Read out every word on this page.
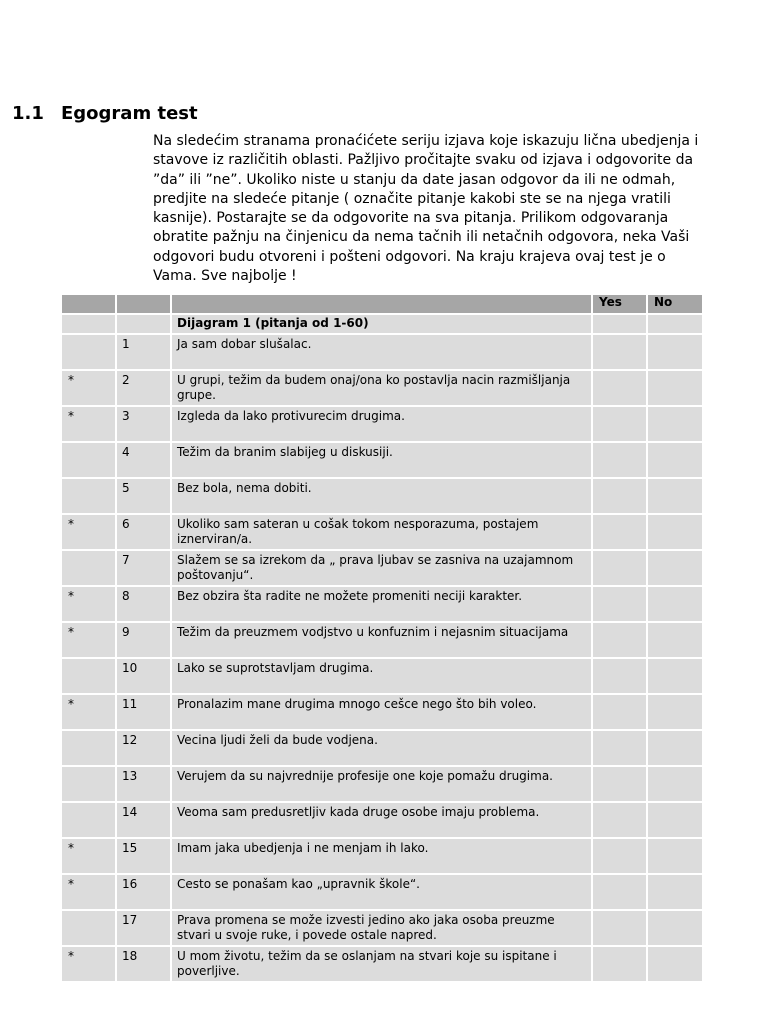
1.1 Egogram test

Na sledećim stranama pronaćićete seriju izjava koje iskazuju lična ubedjenja i stavove iz različitih oblasti. Pažljivo pročitajte svaku od izjava i odgovorite da ”da” ili ”ne”. Ukoliko niste u stanju da date jasan odgovor da ili ne odmah, predjite na sledeće pitanje ( označite pitanje kakobi ste se na njega vratili kasnije). Postarajte se da odgovorite na sva pitanja. Prilikom odgovaranja obratite pažnju na činjenicu da nema tačnih ili netačnih odgovora, neka Vaši odgovori budu otvoreni i pošteni odgovori. Na kraju krajeva ovaj test je o Vama. Sve najbolje !

			Yes	No
		Dijagram 1 (pitanja od 1-60)		
	1	Ja sam dobar slušalac.		
*	2	U grupi, težim da budem onaj/ona ko postavlja nacin razmišljanja grupe.		
*	3	Izgleda da lako protivurecim drugima.		
	4	Težim da branim slabijeg u diskusiji.		
	5	Bez bola, nema dobiti.		
*	6	Ukoliko sam sateran u cošak tokom nesporazuma, postajem iznerviran/a.		
	7	Slažem se sa izrekom da „ prava ljubav se zasniva na uzajamnom poštovanju“.		
*	8	Bez obzira šta radite ne možete promeniti neciji karakter.		
*	9	Težim da preuzmem vodjstvo u konfuznim i nejasnim situacijama		
	10	Lako se suprotstavljam drugima.		
*	11	Pronalazim mane drugima mnogo cešce nego što bih voleo.		
	12	Vecina ljudi želi da bude vodjena.		
	13	Verujem da su najvrednije profesije one koje pomažu drugima.		
	14	Veoma sam predusretljiv kada druge osobe imaju problema.		
*	15	Imam jaka ubedjenja i ne menjam ih lako.		
*	16	Cesto se ponašam kao „upravnik škole“.		
	17	Prava promena se može izvesti jedino ako jaka osoba preuzme stvari u svoje ruke, i povede ostale napred.		
*	18	U mom životu, težim da se oslanjam na stvari koje su ispitane i poverljive.		
